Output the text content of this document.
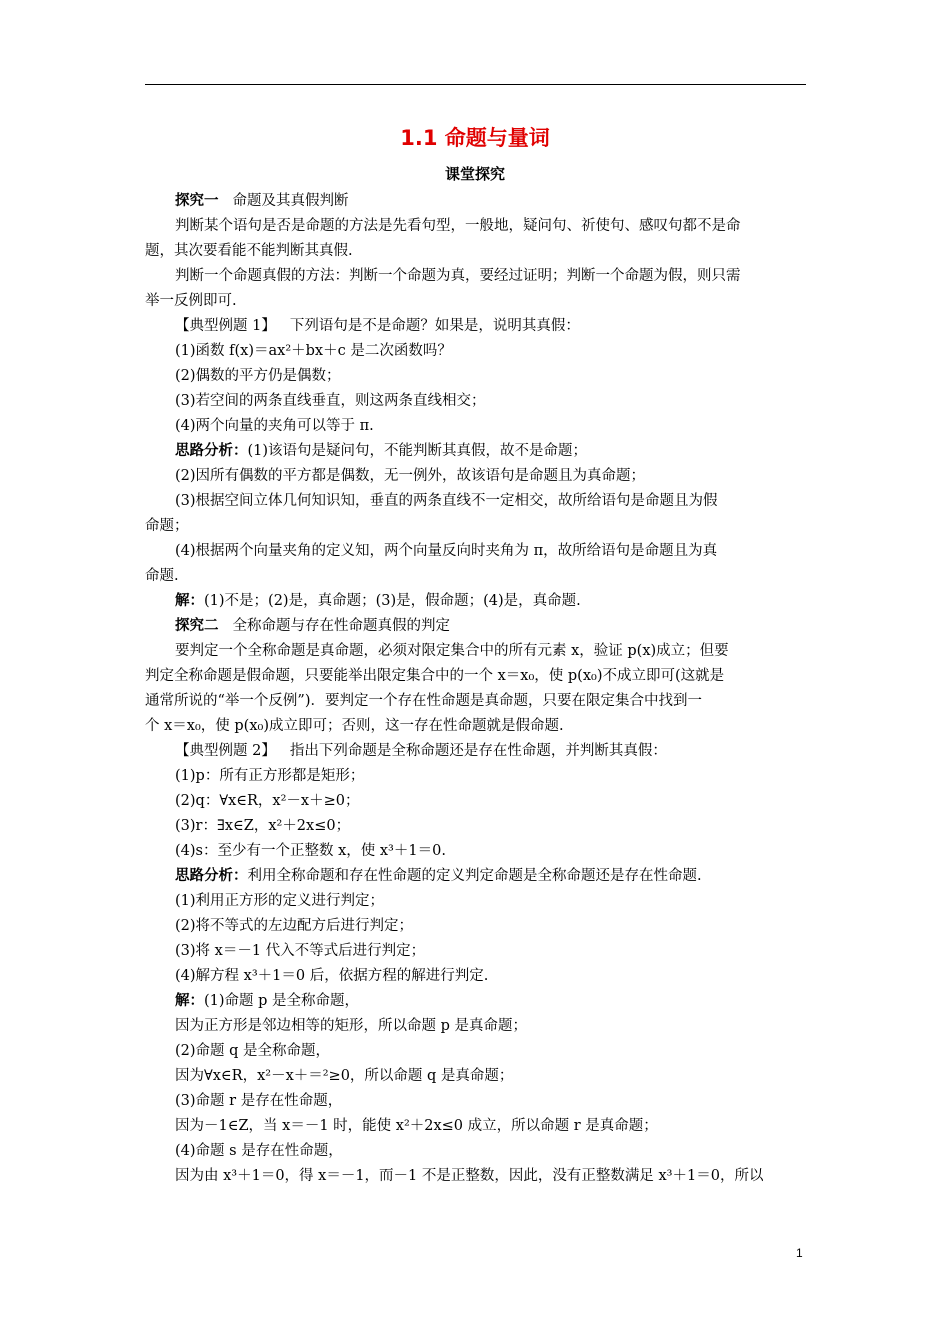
1.1 命题与量词
课堂探究

探究一 命题及其真假判断

判断某个语句是否是命题的方法是先看句型，一般地，疑问句、祈使句、感叹句都不是命

题，其次要看能不能判断其真假.

判断一个命题真假的方法：判断一个命题为真，要经过证明；判断一个命题为假，则只需

举一反例即可.

【典型例题 1】 下列语句是不是命题？如果是，说明其真假：

(1)函数 f(x)＝ax²＋bx＋c 是二次函数吗？

(2)偶数的平方仍是偶数；

(3)若空间的两条直线垂直，则这两条直线相交；

(4)两个向量的夹角可以等于 π.

思路分析：(1)该语句是疑问句，不能判断其真假，故不是命题；

(2)因所有偶数的平方都是偶数，无一例外，故该语句是命题且为真命题；

(3)根据空间立体几何知识知，垂直的两条直线不一定相交，故所给语句是命题且为假

命题；

(4)根据两个向量夹角的定义知，两个向量反向时夹角为 π，故所给语句是命题且为真

命题.

解：(1)不是；(2)是，真命题；(3)是，假命题；(4)是，真命题.

探究二 全称命题与存在性命题真假的判定

要判定一个全称命题是真命题，必须对限定集合中的所有元素 x，验证 p(x)成立；但要

判定全称命题是假命题，只要能举出限定集合中的一个 x＝x₀，使 p(x₀)不成立即可(这就是

通常所说的“举一个反例”)．要判定一个存在性命题是真命题，只要在限定集合中找到一

个 x＝x₀，使 p(x₀)成立即可；否则，这一存在性命题就是假命题.

【典型例题 2】 指出下列命题是全称命题还是存在性命题，并判断其真假：

(1)p：所有正方形都是矩形；

(2)q：∀x∈R，x²－x＋≥0；

(3)r：∃x∈Z，x²＋2x≤0；

(4)s：至少有一个正整数 x，使 x³＋1＝0.

思路分析：利用全称命题和存在性命题的定义判定命题是全称命题还是存在性命题.

(1)利用正方形的定义进行判定；

(2)将不等式的左边配方后进行判定；

(3)将 x＝－1 代入不等式后进行判定；

(4)解方程 x³＋1＝0 后，依据方程的解进行判定.

解：(1)命题 p 是全称命题，

因为正方形是邻边相等的矩形，所以命题 p 是真命题；

(2)命题 q 是全称命题，

因为∀x∈R，x²－x＋＝²≥0，所以命题 q 是真命题；

(3)命题 r 是存在性命题，

因为－1∈Z，当 x＝－1 时，能使 x²＋2x≤0 成立，所以命题 r 是真命题；

(4)命题 s 是存在性命题，

因为由 x³＋1＝0，得 x＝－1，而－1 不是正整数，因此，没有正整数满足 x³＋1＝0，所以

1
